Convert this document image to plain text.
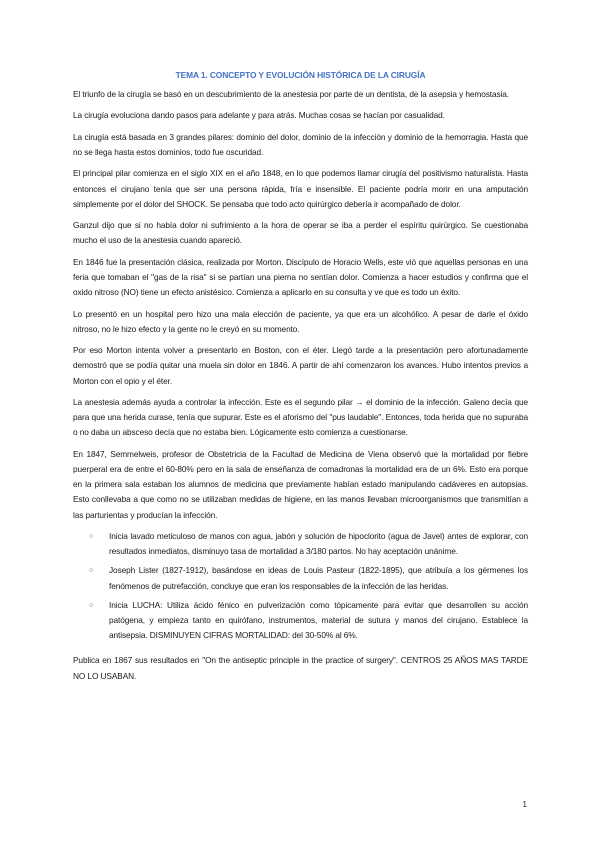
TEMA 1. CONCEPTO Y EVOLUCIÓN HISTÓRICA DE LA CIRUGÍA

El triunfo de la cirugía se basó en un descubrimiento de la anestesia por parte de un dentista, de la asepsia y hemostasia.

La cirugía evoluciona dando pasos para adelante y para atrás. Muchas cosas se hacían por casualidad.

La cirugía está basada en 3 grandes pilares: dominio del dolor, dominio de la infección y dominio de la hemorragia. Hasta que no se llega hasta estos dominios, todo fue oscuridad.

El principal pilar comienza en el siglo XIX en el año 1848, en lo que podemos llamar cirugía del positivismo naturalista. Hasta entonces el cirujano tenía que ser una persona rápida, fría e insensible. El paciente podría morir en una amputación simplemente por el dolor del SHOCK. Se pensaba que todo acto quirúrgico debería ir acompañado de dolor.

Ganzul dijo que si no había dolor ni sufrimiento a la hora de operar se iba a perder el espíritu quirúrgico. Se cuestionaba mucho el uso de la anestesia cuando apareció.

En 1846 fue la presentación clásica, realizada por Morton. Discípulo de Horacio Wells, este vió que aquellas personas en una feria que tomaban el "gas de la risa" si se partían una pierna no sentían dolor. Comienza a hacer estudios y confirma que el oxido nitroso (NO) tiene un efecto anistésico. Comienza a aplicarlo en su consulta y ve que es todo un éxito.

Lo presentó en un hospital pero hizo una mala elección de paciente, ya que era un alcohólico. A pesar de darle el óxido nitroso, no le hizo efecto y la gente no le creyó en su momento.

Por eso Morton intenta volver a presentarlo en Boston, con el éter. Llegó tarde a la presentación pero afortunadamente demostró que se podía quitar una muela sin dolor en 1846. A partir de ahí comenzaron los avances. Hubo intentos previos a Morton con el opio y el éter.

La anestesia además ayuda a controlar la infección. Este es el segundo pilar → el dominio de la infección. Galeno decía que para que una herida curase, tenía que supurar. Este es el aforismo del "pus laudable". Entonces, toda herida que no supuraba o no daba un absceso decía que no estaba bien. Lógicamente esto comienza a cuestionarse.

En 1847, Semmelweis, profesor de Obstetricia de la Facultad de Medicina de Viena observó que la mortalidad por fiebre puerperal era de entre el 60-80% pero en la sala de enseñanza de comadronas la mortalidad era de un 6%. Esto era porque en la primera sala estaban los alumnos de medicina que previamente habían estado manipulando cadáveres en autopsias. Esto conllevaba a que como no se utilizaban medidas de higiene, en las manos llevaban microorganismos que transmitían a las parturientas y producían la infección.

○ Inicia lavado meticuloso de manos con agua, jabón y solución de hipoclorito (agua de Javel) antes de explorar, con resultados inmediatos, disminuyo tasa de mortalidad a 3/180 partos. No hay aceptación unánime.
○ Joseph Lister (1827-1912), basándose en ideas de Louis Pasteur (1822-1895), que atribuía a los gérmenes los fenómenos de putrefacción, concluye que eran los responsables de la infección de las heridas.
○ Inicia LUCHA: Utiliza ácido fénico en pulverización como tópicamente para evitar que desarrollen su acción patógena, y empieza tanto en quirófano, instrumentos, material de sutura y manos del cirujano. Establece la antisepsia. DISMINUYEN CIFRAS MORTALIDAD: del 30-50% al 6%.

Publica en 1867 sus resultados en "On the antiseptic principle in the practice of surgery". CENTROS 25 AÑOS MAS TARDE NO LO USABAN.

1
